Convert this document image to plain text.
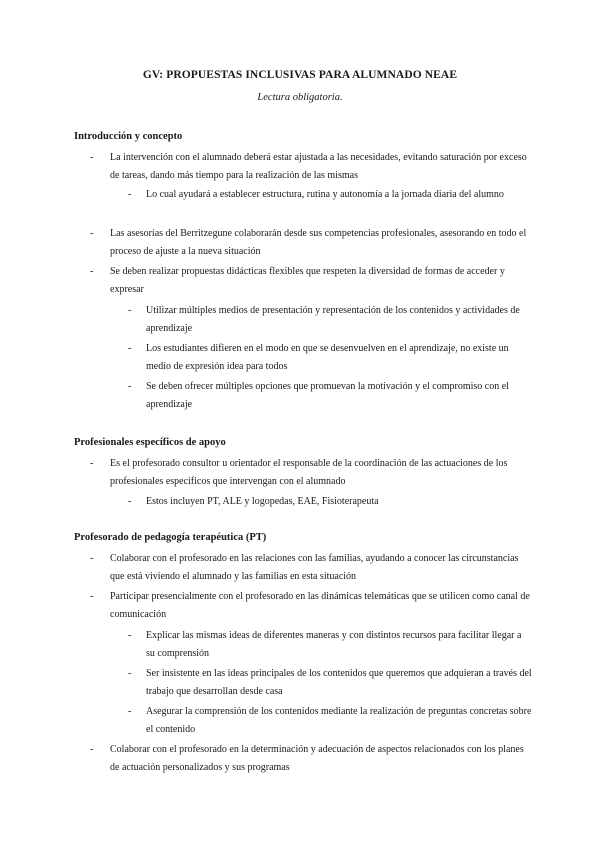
GV: PROPUESTAS INCLUSIVAS PARA ALUMNADO NEAE
Lectura obligatoria.
Introducción y concepto
- La intervención con el alumnado deberá estar ajustada a las necesidades, evitando saturación por exceso de tareas, dando más tiempo para la realización de las mismas
- Lo cual ayudará a establecer estructura, rutina y autonomía a la jornada diaria del alumno
- Las asesorías del Berritzegune colaborarán desde sus competencias profesionales, asesorando en todo el proceso de ajuste a la nueva situación
- Se deben realizar propuestas didácticas flexibles que respeten la diversidad de formas de acceder y expresar
- Utilizar múltiples medios de presentación y representación de los contenidos y actividades de aprendizaje
- Los estudiantes difieren en el modo en que se desenvuelven en el aprendizaje, no existe un medio de expresión idea para todos
- Se deben ofrecer múltiples opciones que promuevan la motivación y el compromiso con el aprendizaje
Profesionales específicos de apoyo
- Es el profesorado consultor u orientador el responsable de la coordinación de las actuaciones de los profesionales específicos que intervengan con el alumnado
- Estos incluyen PT, ALE y logopedas, EAE, Fisioterapeuta
Profesorado de pedagogía terapéutica (PT)
- Colaborar con el profesorado en las relaciones con las familias, ayudando a conocer las circunstancias que está viviendo el alumnado y las familias en esta situación
- Participar presencialmente con el profesorado en las dinámicas telemáticas que se utilicen como canal de comunicación
- Explicar las mismas ideas de diferentes maneras y con distintos recursos para facilitar llegar a su comprensión
- Ser insistente en las ideas principales de los contenidos que queremos que adquieran a través del trabajo que desarrollan desde casa
- Asegurar la comprensión de los contenidos mediante la realización de preguntas concretas sobre el contenido
- Colaborar con el profesorado en la determinación y adecuación de aspectos relacionados con los planes de actuación personalizados y sus programas
